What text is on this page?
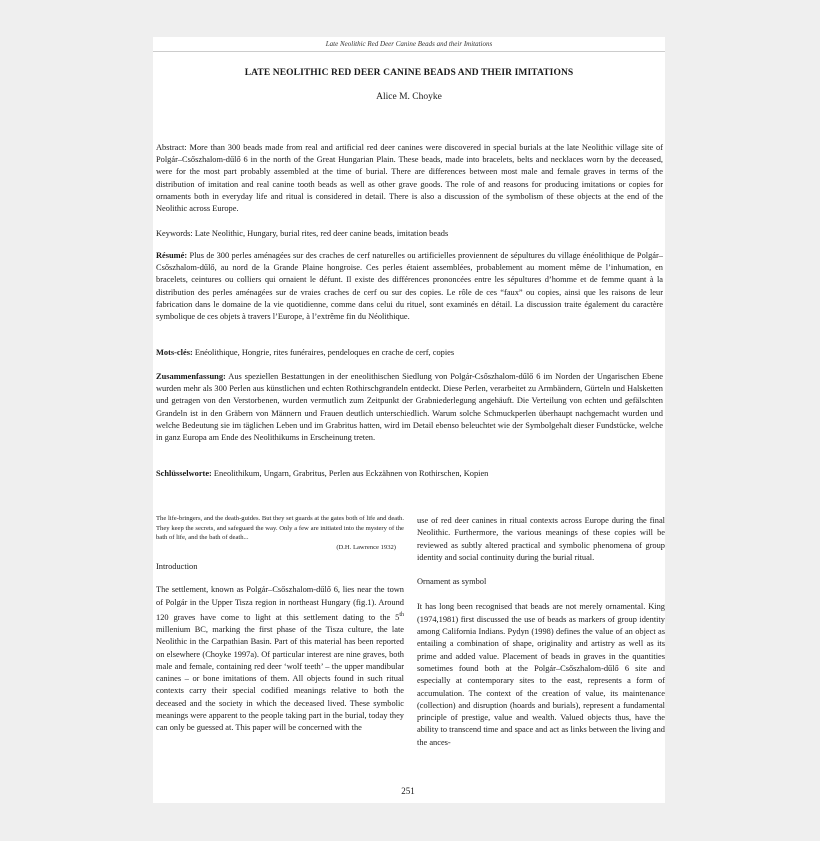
Late Neolithic Red Deer Canine Beads and their Imitations
LATE NEOLITHIC RED DEER CANINE BEADS AND THEIR IMITATIONS
Alice M. Choyke

Abstract: More than 300 beads made from real and artificial red deer canines were discovered in special burials at the late Neolithic village site of Polgár–Csőszhalom-dűlő 6 in the north of the Great Hungarian Plain. These beads, made into bracelets, belts and necklaces worn by the deceased, were for the most part probably assembled at the time of burial. There are differences between most male and female graves in terms of the distribution of imitation and real canine tooth beads as well as other grave goods. The role of and reasons for producing imitations or copies for ornaments both in everyday life and ritual is considered in detail. There is also a discussion of the symbolism of these objects at the end of the Neolithic across Europe.

Keywords: Late Neolithic, Hungary, burial rites, red deer canine beads, imitation beads

Résumé: Plus de 300 perles aménagées sur des craches de cerf naturelles ou artificielles proviennent de sépultures du village énéolithique de Polgár–Csőszhalom-dűlő, au nord de la Grande Plaine hongroise. Ces perles étaient assemblées, probablement au moment même de l’inhumation, en bracelets, ceintures ou colliers qui ornaient le défunt. Il existe des différences prononcées entre les sépultures d’homme et de femme quant à la distribution des perles aménagées sur de vraies craches de cerf ou sur des copies. Le rôle de ces “faux” ou copies, ainsi que les raisons de leur fabrication dans le domaine de la vie quotidienne, comme dans celui du rituel, sont examinés en détail. La discussion traite également du caractère symbolique de ces objets à travers l’Europe, à l’extrême fin du Néolithique.

Mots-clés: Enéolithique, Hongrie, rites funéraires, pendeloques en crache de cerf, copies

Zusammenfassung: Aus speziellen Bestattungen in der eneolithischen Siedlung von Polgár-Csőszhalom-dűlő 6 im Norden der Ungarischen Ebene wurden mehr als 300 Perlen aus künstlichen und echten Rothirschgrandeln entdeckt. Diese Perlen, verarbeitet zu Armbändern, Gürteln und Halsketten und getragen von den Verstorbenen, wurden vermutlich zum Zeitpunkt der Grabniederlegung angehäuft. Die Verteilung von echten und gefälschten Grandeln ist in den Gräbern von Männern und Frauen deutlich unterschiedlich. Warum solche Schmuckperlen überhaupt nachgemacht wurden und welche Bedeutung sie im täglichen Leben und im Grabritus hatten, wird im Detail ebenso beleuchtet wie der Symbolgehalt dieser Fundstücke, welche in ganz Europa am Ende des Neolithikums in Erscheinung treten.

Schlüsselworte: Eneolithikum, Ungarn, Grabritus, Perlen aus Eckzähnen von Rothirschen, Kopien

The life-bringers, and the death-guides. But they set guards at the gates both of life and death. They keep the secrets, and safeguard the way. Only a few are initiated into the mystery of the bath of life, and the bath of death...

(D.H. Lawrence 1932)

Introduction

The settlement, known as Polgár–Csőszhalom-dűlő 6, lies near the town of Polgár in the Upper Tisza region in northeast Hungary (fig.1). Around 120 graves have come to light at this settlement dating to the 5th millenium BC, marking the first phase of the Tisza culture, the late Neolithic in the Carpathian Basin. Part of this material has been reported on elsewhere (Choyke 1997a). Of particular interest are nine graves, both male and female, containing red deer ‘wolf teeth’ – the upper mandibular canines – or bone imitations of them. All objects found in such ritual contexts carry their special codified meanings relative to both the deceased and the society in which the deceased lived. These symbolic meanings were apparent to the people taking part in the burial, today they can only be guessed at. This paper will be concerned with the

use of red deer canines in ritual contexts across Europe during the final Neolithic. Furthermore, the various meanings of these copies will be reviewed as subtly altered practical and symbolic phenomena of group identity and social continuity during the burial ritual.

Ornament as symbol

It has long been recognised that beads are not merely ornamental. King (1974,1981) first discussed the use of beads as markers of group identity among California Indians. Pydyn (1998) defines the value of an object as entailing a combination of shape, originality and artistry as well as its prime and added value. Placement of beads in graves in the quantities sometimes found both at the Polgár–Csőszhalom-dűlő 6 site and especially at contemporary sites to the east, represents a form of accumulation. The context of the creation of value, its maintenance (collection) and disruption (hoards and burials), represent a fundamental principle of prestige, value and wealth. Valued objects thus, have the ability to transcend time and space and act as links between the living and the ances-

251
